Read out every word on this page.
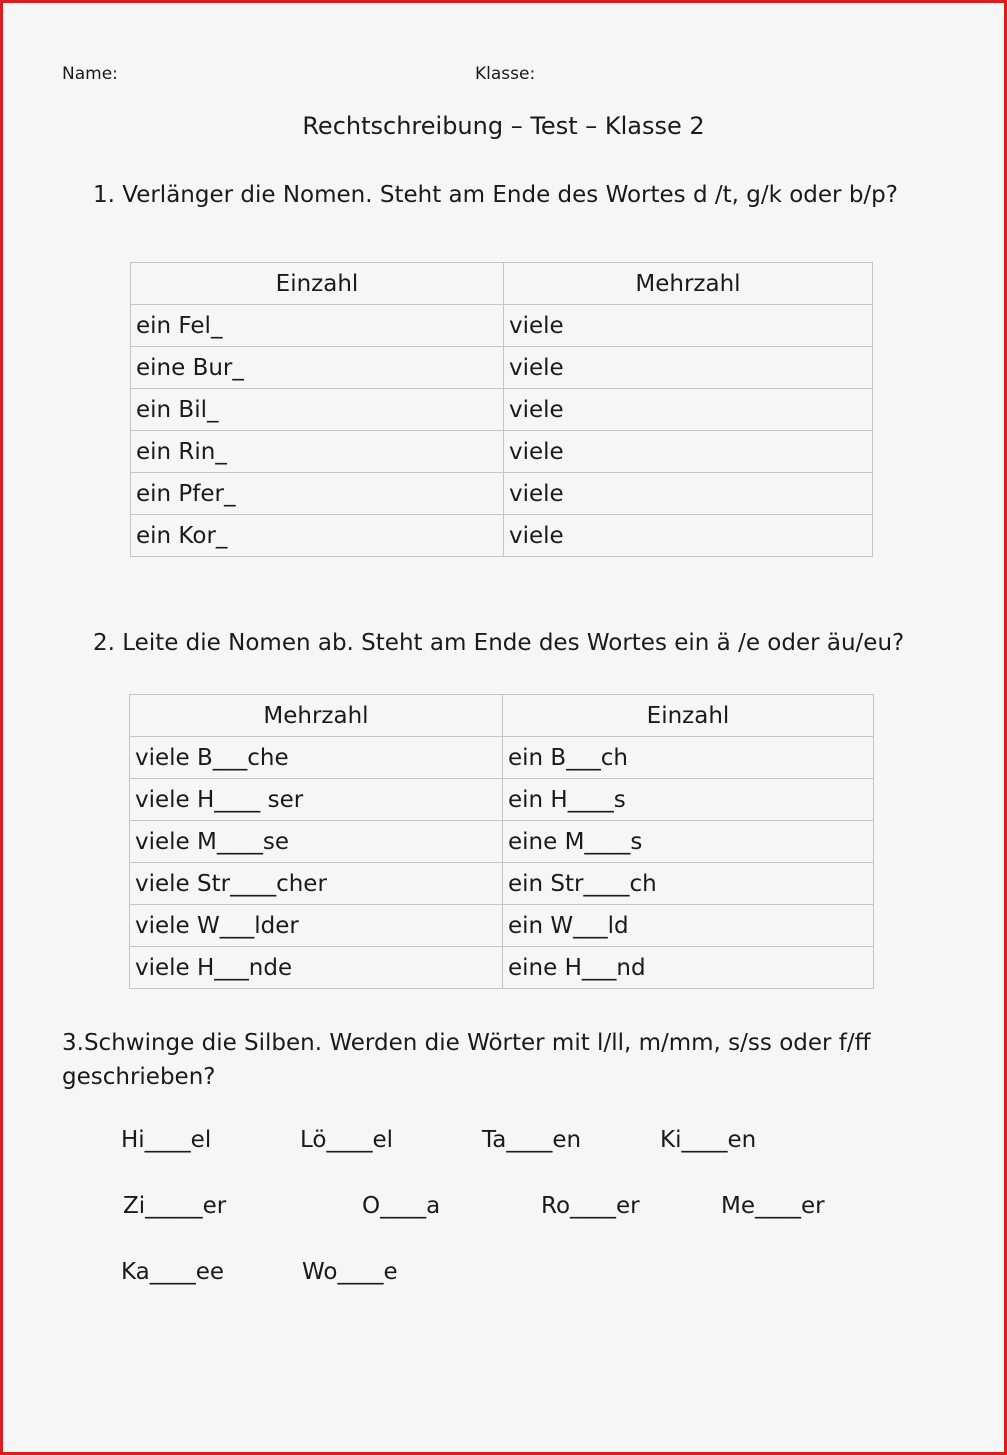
Name:	Klasse:
Rechtschreibung – Test – Klasse 2
1. Verlänger die Nomen. Steht am Ende des Wortes d /t, g/k oder b/p?
Einzahl	Mehrzahl
ein Fel_	viele
eine Bur_	viele
ein Bil_	viele
ein Rin_	viele
ein Pfer_	viele
ein Kor_	viele
2. Leite die Nomen ab. Steht am Ende des Wortes ein ä /e oder äu/eu?
Mehrzahl	Einzahl
viele B___che	ein B___ch
viele H____ ser	ein H____s
viele M____se	eine M____s
viele Str____cher	ein Str____ch
viele W___lder	ein W___ld
viele H___nde	eine H___nd
3.Schwinge die Silben. Werden die Wörter mit l/ll, m/mm, s/ss oder f/ff geschrieben?
Hi____el	Lö____el	Ta____en	Ki____en
Zi_____er	O____a	Ro____er	Me____er
Ka____ee	Wo____e
